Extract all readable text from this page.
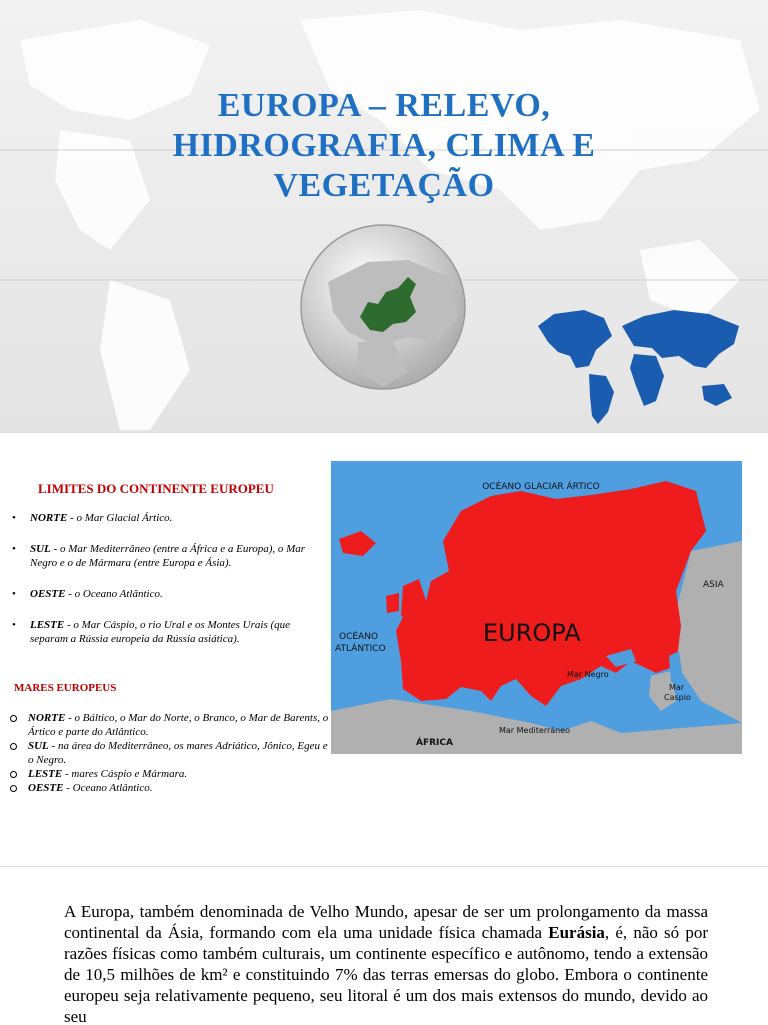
EUROPA – RELEVO,
HIDROGRAFIA, CLIMA E
VEGETAÇÃO
LIMITES DO CONTINENTE EUROPEU
• NORTE - o Mar Glacial Ártico.
• SUL - o Mar Mediterrâneo (entre a África e a Europa), o Mar Negro e o de Mármara (entre Europa e Ásia).
• OESTE - o Oceano Atlântico.
• LESTE - o Mar Cáspio, o rio Ural e os Montes Urais (que separam a Rússia europeia da Rússia asiática).
MARES EUROPEUS
NORTE - o Báltico, o Mar do Norte, o Branco, o Mar de Barents, o Ártico e parte do Atlântico.
SUL - na área do Mediterrâneo, os mares Adriático, Jônico, Egeu e o Negro.
LESTE - mares Cáspio e Mármara.
OESTE - Oceano Atlântico.
OCÉANO GLACIAR ÁRTICO
ASIA
EUROPA
OCÉANO
ATLÁNTICO
Mar Negro
Mar
Caspio
Mar Mediterráneo
ÁFRICA

A Europa, também denominada de Velho Mundo, apesar de ser um prolongamento da massa continental da Ásia, formando com ela uma unidade física chamada Eurásia, é, não só por razões físicas como também culturais, um continente específico e autônomo, tendo a extensão de 10,5 milhões de km² e constituindo 7% das terras emersas do globo. Embora o continente europeu seja relativamente pequeno, seu litoral é um dos mais extensos do mundo, devido ao seu
